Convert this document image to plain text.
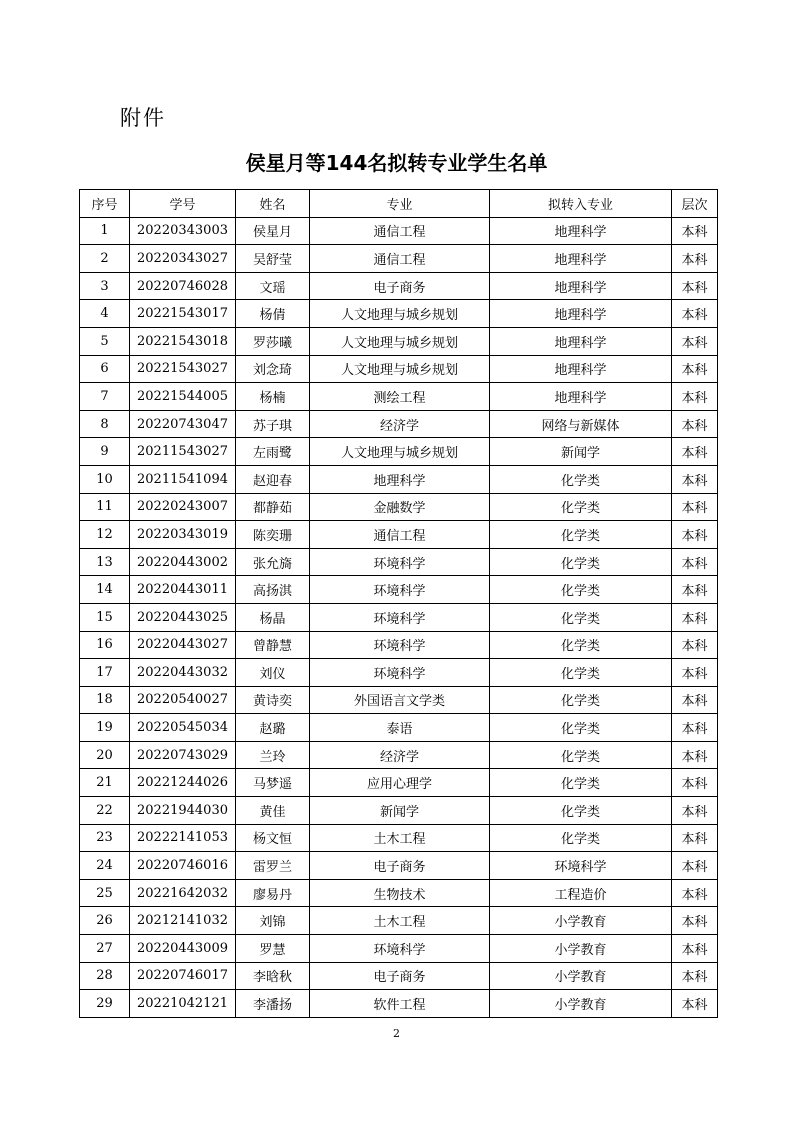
附件
侯星月等144名拟转专业学生名单
序号	学号	姓名	专业	拟转入专业	层次
1	20220343003	侯星月	通信工程	地理科学	本科
2	20220343027	吴舒莹	通信工程	地理科学	本科
3	20220746028	文瑶	电子商务	地理科学	本科
4	20221543017	杨倩	人文地理与城乡规划	地理科学	本科
5	20221543018	罗莎曦	人文地理与城乡规划	地理科学	本科
6	20221543027	刘念琦	人文地理与城乡规划	地理科学	本科
7	20221544005	杨楠	测绘工程	地理科学	本科
8	20220743047	苏子琪	经济学	网络与新媒体	本科
9	20211543027	左雨鹭	人文地理与城乡规划	新闻学	本科
10	20211541094	赵迎春	地理科学	化学类	本科
11	20220243007	都静茹	金融数学	化学类	本科
12	20220343019	陈奕珊	通信工程	化学类	本科
13	20220443002	张允旖	环境科学	化学类	本科
14	20220443011	高扬淇	环境科学	化学类	本科
15	20220443025	杨晶	环境科学	化学类	本科
16	20220443027	曾静慧	环境科学	化学类	本科
17	20220443032	刘仪	环境科学	化学类	本科
18	20220540027	黄诗奕	外国语言文学类	化学类	本科
19	20220545034	赵璐	泰语	化学类	本科
20	20220743029	兰玲	经济学	化学类	本科
21	20221244026	马梦遥	应用心理学	化学类	本科
22	20221944030	黄佳	新闻学	化学类	本科
23	20222141053	杨文恒	土木工程	化学类	本科
24	20220746016	雷罗兰	电子商务	环境科学	本科
25	20221642032	廖易丹	生物技术	工程造价	本科
26	20212141032	刘锦	土木工程	小学教育	本科
27	20220443009	罗慧	环境科学	小学教育	本科
28	20220746017	李晗秋	电子商务	小学教育	本科
29	20221042121	李潘扬	软件工程	小学教育	本科
2
